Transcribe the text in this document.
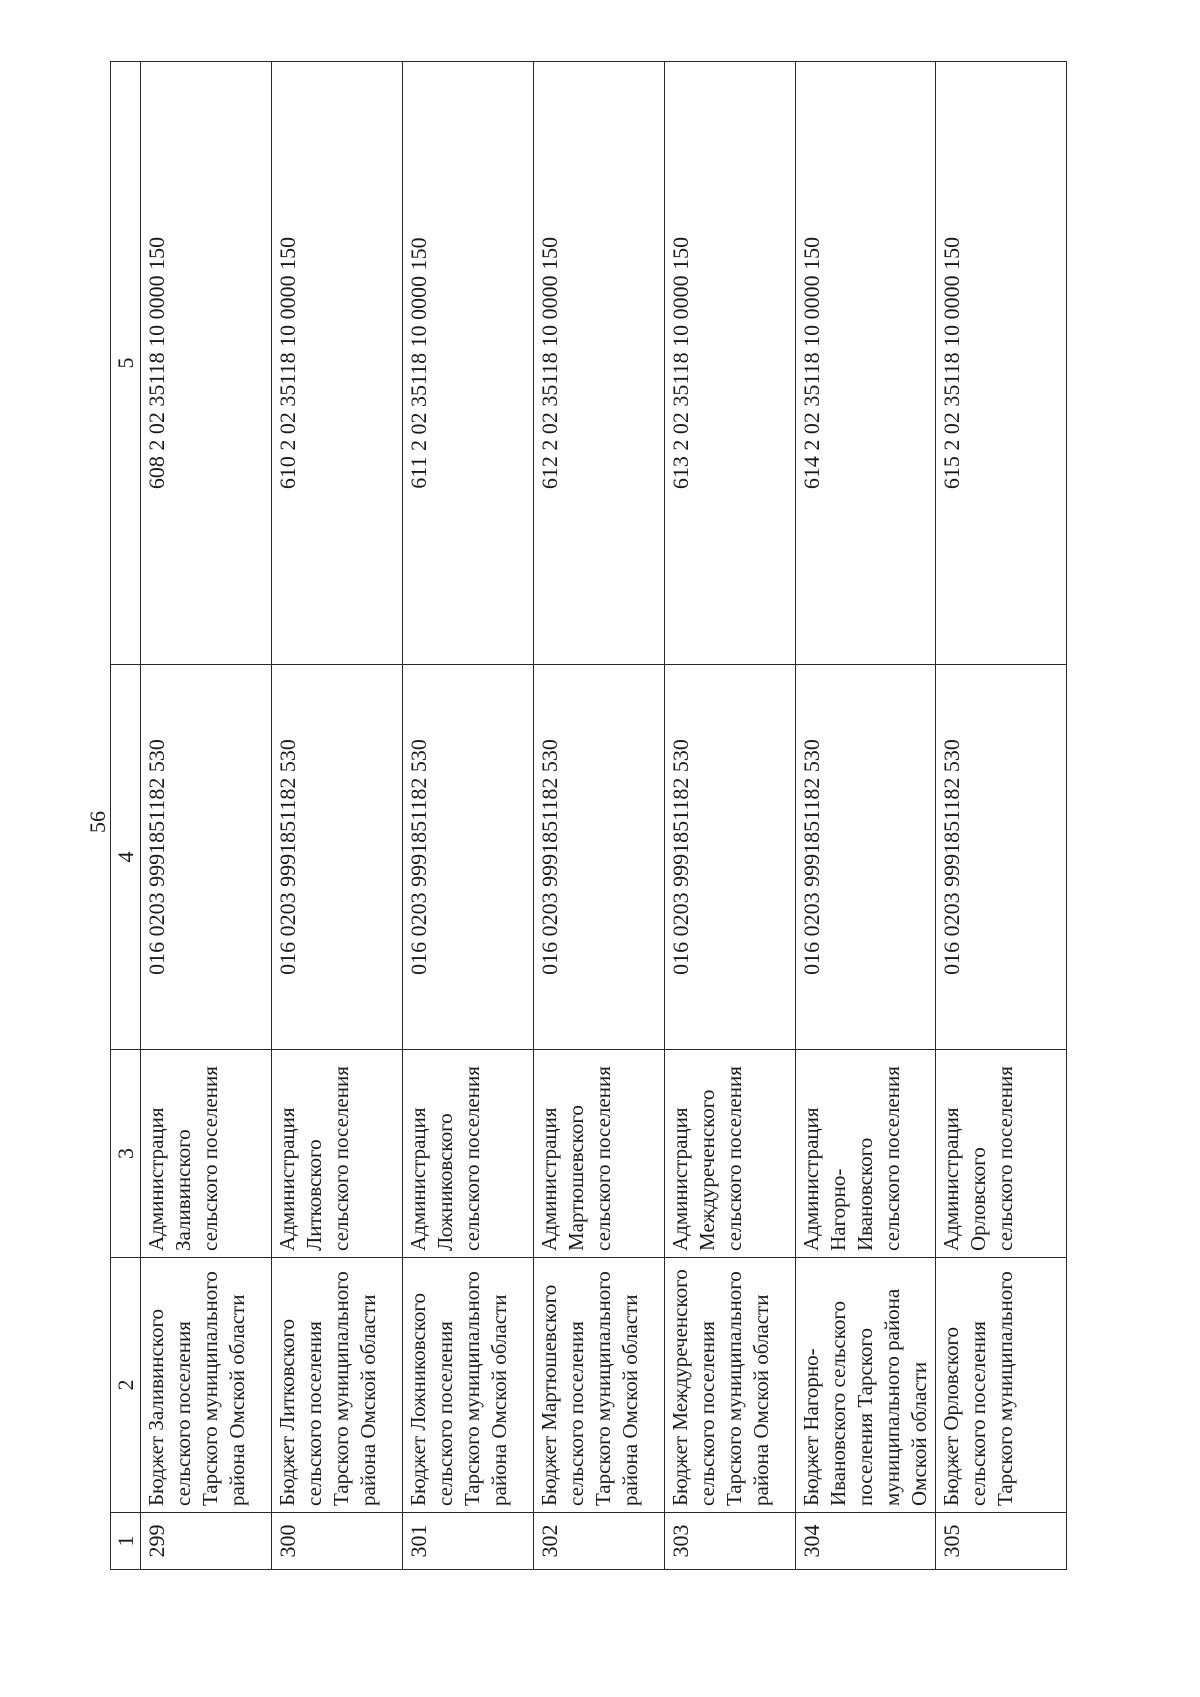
56
1	2	3	4	5
299	Бюджет Заливинского сельского поселения Тарского муниципального района Омской области	Администрация Заливинского сельского поселения	016 0203 9991851182 530	608 2 02 35118 10 0000 150
300	Бюджет Литковского сельского поселения Тарского муниципального района Омской области	Администрация Литковского сельского поселения	016 0203 9991851182 530	610 2 02 35118 10 0000 150
301	Бюджет Ложниковского сельского поселения Тарского муниципального района Омской области	Администрация Ложниковского сельского поселения	016 0203 9991851182 530	611 2 02 35118 10 0000 150
302	Бюджет Мартюшевского сельского поселения Тарского муниципального района Омской области	Администрация Мартюшевского сельского поселения	016 0203 9991851182 530	612 2 02 35118 10 0000 150
303	Бюджет Междуреченского сельского поселения Тарского муниципального района Омской области	Администрация Междуреченского сельского поселения	016 0203 9991851182 530	613 2 02 35118 10 0000 150
304	Бюджет Нагорно-Ивановского сельского поселения Тарского муниципального района Омской области	Администрация Нагорно-Ивановского сельского поселения	016 0203 9991851182 530	614 2 02 35118 10 0000 150
305	Бюджет Орловского сельского поселения Тарского муниципального	Администрация Орловского сельского поселения	016 0203 9991851182 530	615 2 02 35118 10 0000 150
